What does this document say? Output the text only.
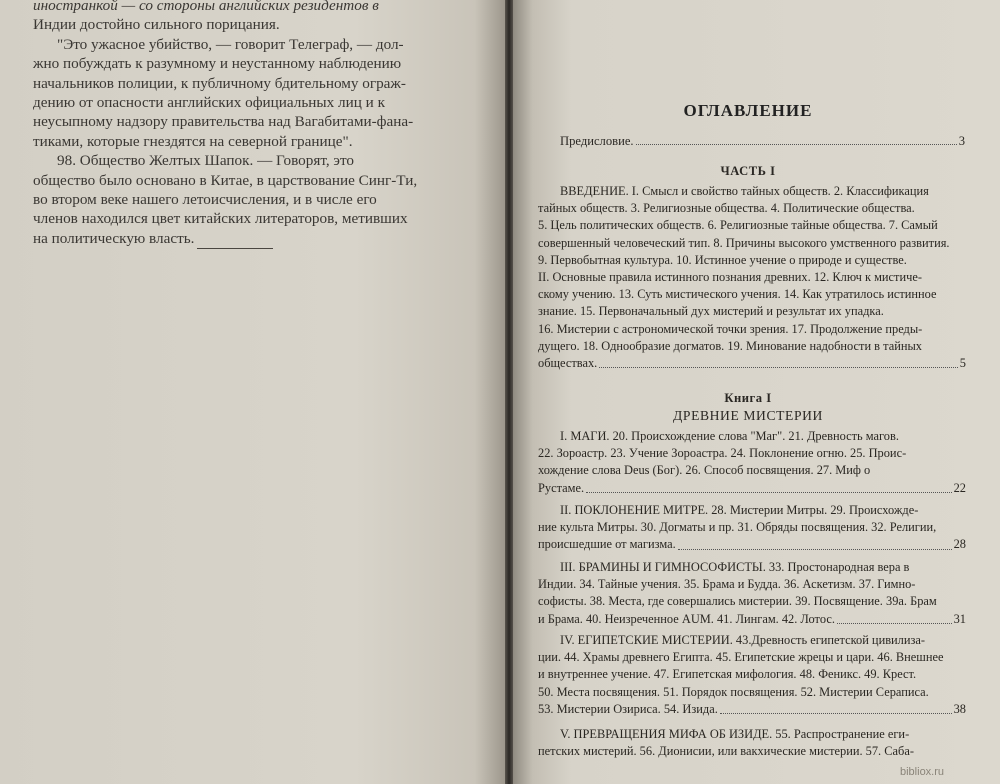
иностранкой — со стороны английских резидентов в

Индии достойно сильного порицания.

"Это ужасное убийство, — говорит Телеграф, — дол-

жно побуждать к разумному и неустанному наблюдению

начальников полиции, к публичному бдительному ограж-

дению от опасности английских официальных лиц и к

неусыпному надзору правительства над Вагабитами-фана-

тиками, которые гнездятся на северной границе".

98. Общество Желтых Шапок. — Говорят, это

общество было основано в Китае, в царствование Синг-Ти,

во втором веке нашего летоисчисления, и в числе его

членов находился цвет китайских литераторов, метивших

на политическую власть.

ОГЛАВЛЕНИЕ
Предисловие.	3
ЧАСТЬ I

ВВЕДЕНИЕ. I. Смысл и свойство тайных обществ. 2. Классификация

тайных обществ. 3. Религиозные общества. 4. Политические общества.

5. Цель политических обществ. 6. Религиозные тайные общества. 7. Самый

совершенный человеческий тип. 8. Причины высокого умственного развития.

9. Первобытная культура. 10. Истинное учение о природе и существе.

II. Основные правила истинного познания древних. 12. Ключ к мистиче-

скому учению. 13. Суть мистического учения. 14. Как утратилось истинное

знание. 15. Первоначальный дух мистерий и результат их упадка.

16. Мистерии с астрономической точки зрения. 17. Продолжение преды-

дущего. 18. Однообразие догматов. 19. Минование надобности в тайных

обществах.	5

Книга I
ДРЕВНИЕ МИСТЕРИИ

I. МАГИ. 20. Происхождение слова "Маг". 21. Древность магов.

22. Зороастр. 23. Учение Зороастра. 24. Поклонение огню. 25. Проис-

хождение слова Deus (Бог). 26. Способ посвящения. 27. Миф о

Рустаме.	22

II. ПОКЛОНЕНИЕ МИТРЕ. 28. Мистерии Митры. 29. Происхожде-

ние культа Митры. 30. Догматы и пр. 31. Обряды посвящения. 32. Религии,

происшедшие от магизма.	28

III. БРАМИНЫ И ГИМНОСОФИСТЫ. 33. Простонародная вера в

Индии. 34. Тайные учения. 35. Брама и Будда. 36. Аскетизм. 37. Гимно-

софисты. 38. Места, где совершались мистерии. 39. Посвящение. 39а. Брам

и Брама. 40. Неизреченное AUM. 41. Лингам. 42. Лотос.	31

IV. ЕГИПЕТСКИЕ МИСТЕРИИ. 43.Древность египетской цивилиза-

ции. 44. Храмы древнего Египта. 45. Египетские жрецы и цари. 46. Внешнее

и внутреннее учение. 47. Египетская мифология. 48. Феникс. 49. Крест.

50. Места посвящения. 51. Порядок посвящения. 52. Мистерии Сераписа.

53. Мистерии Озириса. 54. Изида.	38

V. ПРЕВРАЩЕНИЯ МИФА ОБ ИЗИДЕ. 55. Распространение еги-

петских мистерий. 56. Дионисии, или вакхические мистерии. 57. Саба-

bibliox.ru
